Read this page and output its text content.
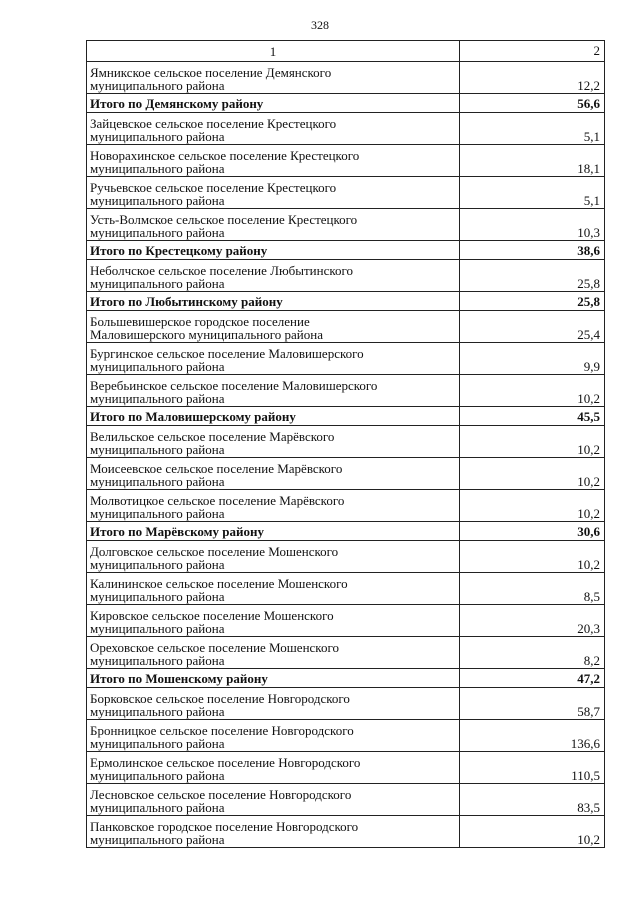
328
1	2

Ямникское сельское поселение Демянского
муниципального района	12,2
Итого по Демянскому району	56,6

Зайцевское сельское поселение Крестецкого
муниципального района	5,1

Новорахинское сельское поселение Крестецкого
муниципального района	18,1

Ручьевское сельское поселение Крестецкого
муниципального района	5,1

Усть-Волмское сельское поселение Крестецкого
муниципального района	10,3
Итого по Крестецкому району	38,6

Неболчское сельское поселение Любытинского
муниципального района	25,8
Итого по Любытинскому району	25,8

Большевишерское городское поселение
Маловишерского муниципального района	25,4

Бургинское сельское поселение Маловишерского
муниципального района	9,9

Веребьинское сельское поселение Маловишерского
муниципального района	10,2
Итого по Маловишерскому району	45,5

Велильское сельское поселение Марёвского
муниципального района	10,2

Моисеевское сельское поселение Марёвского
муниципального района	10,2

Молвотицкое сельское поселение Марёвского
муниципального района	10,2
Итого по Марёвскому району	30,6

Долговское сельское поселение Мошенского
муниципального района	10,2

Калининское сельское поселение Мошенского
муниципального района	8,5

Кировское сельское поселение Мошенского
муниципального района	20,3

Ореховское сельское поселение Мошенского
муниципального района	8,2
Итого по Мошенскому району	47,2

Борковское сельское поселение Новгородского
муниципального района	58,7

Бронницкое сельское поселение Новгородского
муниципального района	136,6

Ермолинское сельское поселение Новгородского
муниципального района	110,5

Лесновское сельское поселение Новгородского
муниципального района	83,5

Панковское городское поселение Новгородского
муниципального района	10,2
